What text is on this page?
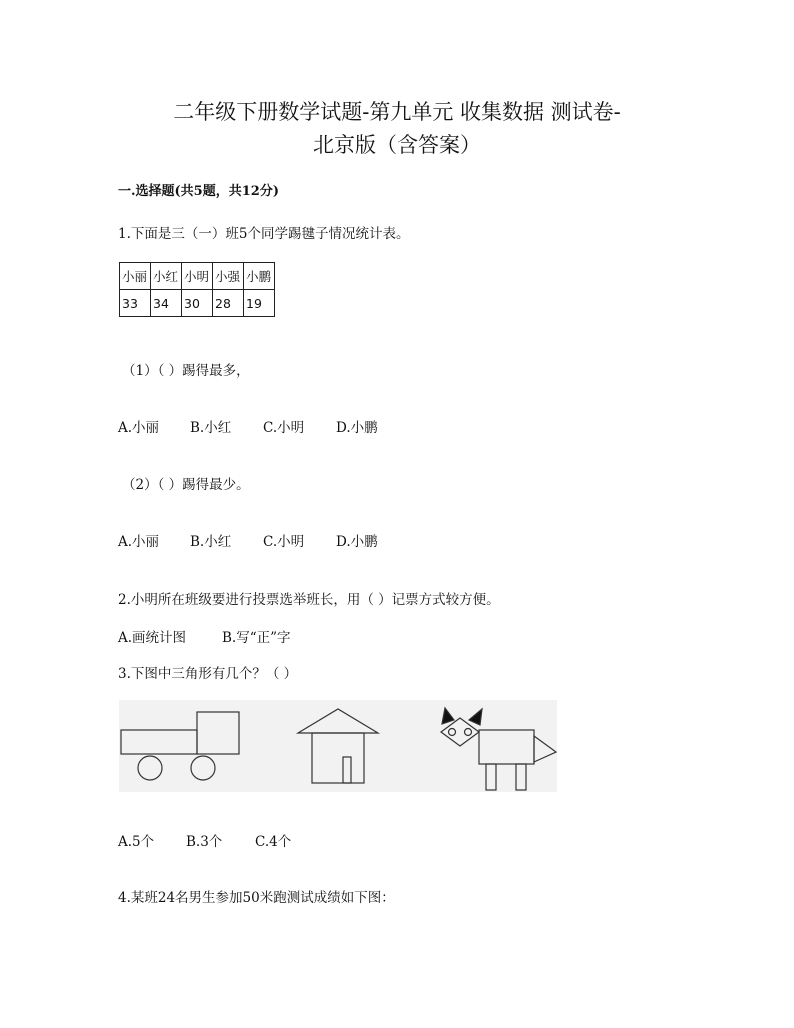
二年级下册数学试题-第九单元 收集数据 测试卷-
北京版（含答案）
一.选择题(共5题，共12分)
1.下面是三（一）班5个同学踢毽子情况统计表。
小丽	小红	小明	小强	小鹏
33	34	30	28	19
（1）（ ）踢得最多，
A.小丽 B.小红 C.小明 D.小鹏
（2）（ ）踢得最少。
A.小丽 B.小红 C.小明 D.小鹏
2.小明所在班级要进行投票选举班长，用（ ）记票方式较方便。
A.画统计图	B.写“正”字
3.下图中三角形有几个？（ ）
A.5个 B.3个 C.4个
4.某班24名男生参加50米跑测试成绩如下图：
